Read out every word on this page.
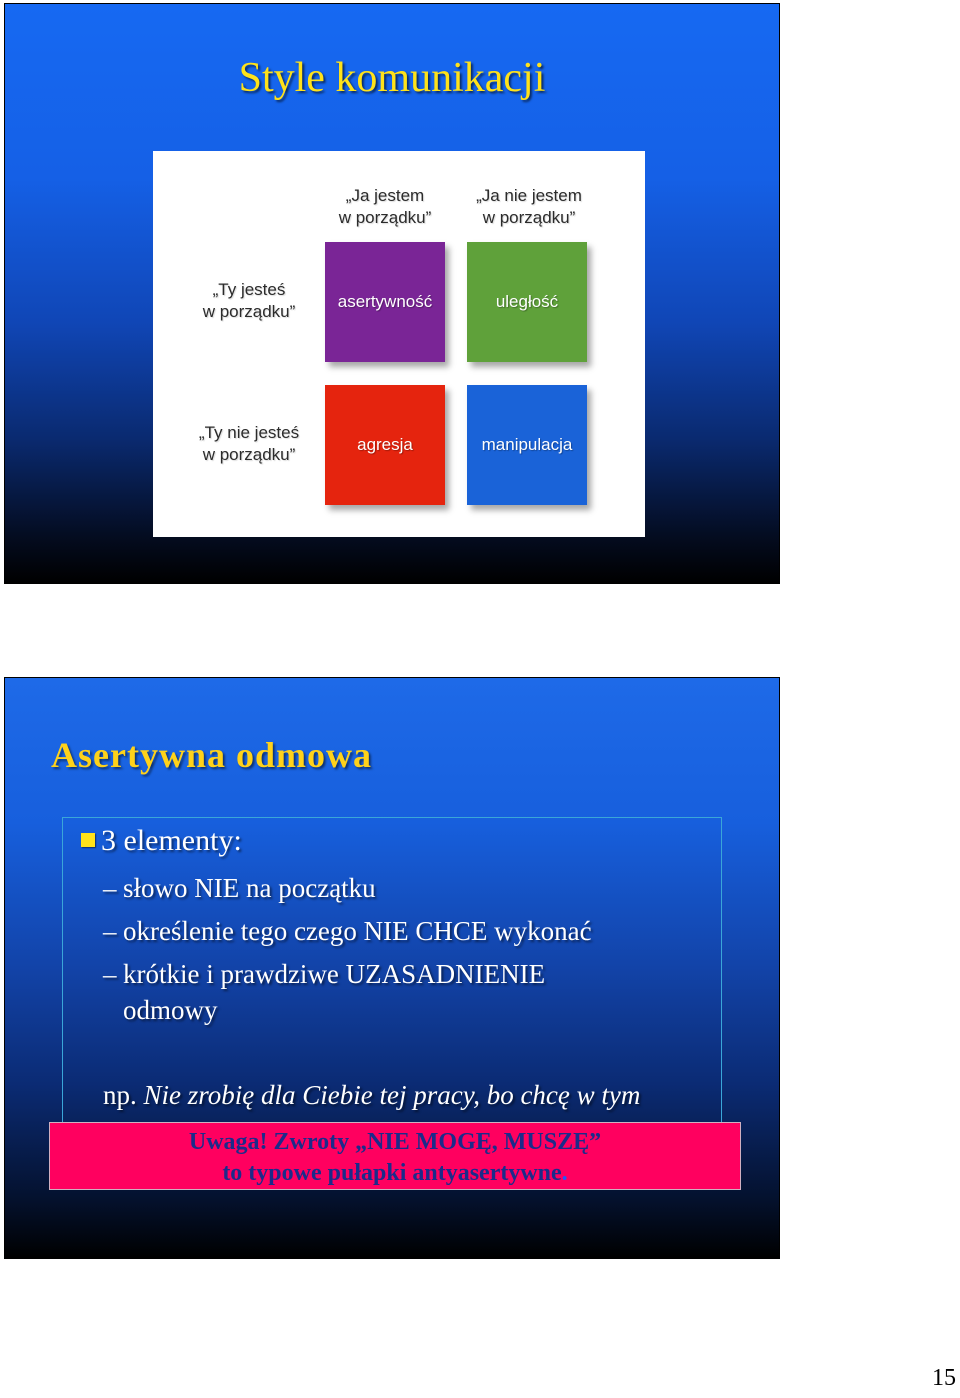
Style komunikacji
„Ja jestem
w porządku”
„Ja nie jestem
w porządku”
„Ty jesteś
w porządku”
„Ty nie jesteś
w porządku”
asertywność	uległość
agresja	manipulacja
Asertywna odmowa
3 elementy:
– słowo NIE na początku
– określenie tego czego NIE CHCE wykonać
– krótkie i prawdziwe UZASADNIENIE
odmowy
np. Nie zrobię dla Ciebie tej pracy, bo chcę w tym
Uwaga! Zwroty „NIE MOGĘ, MUSZĘ”
to typowe pułapki antyasertywne.
15
